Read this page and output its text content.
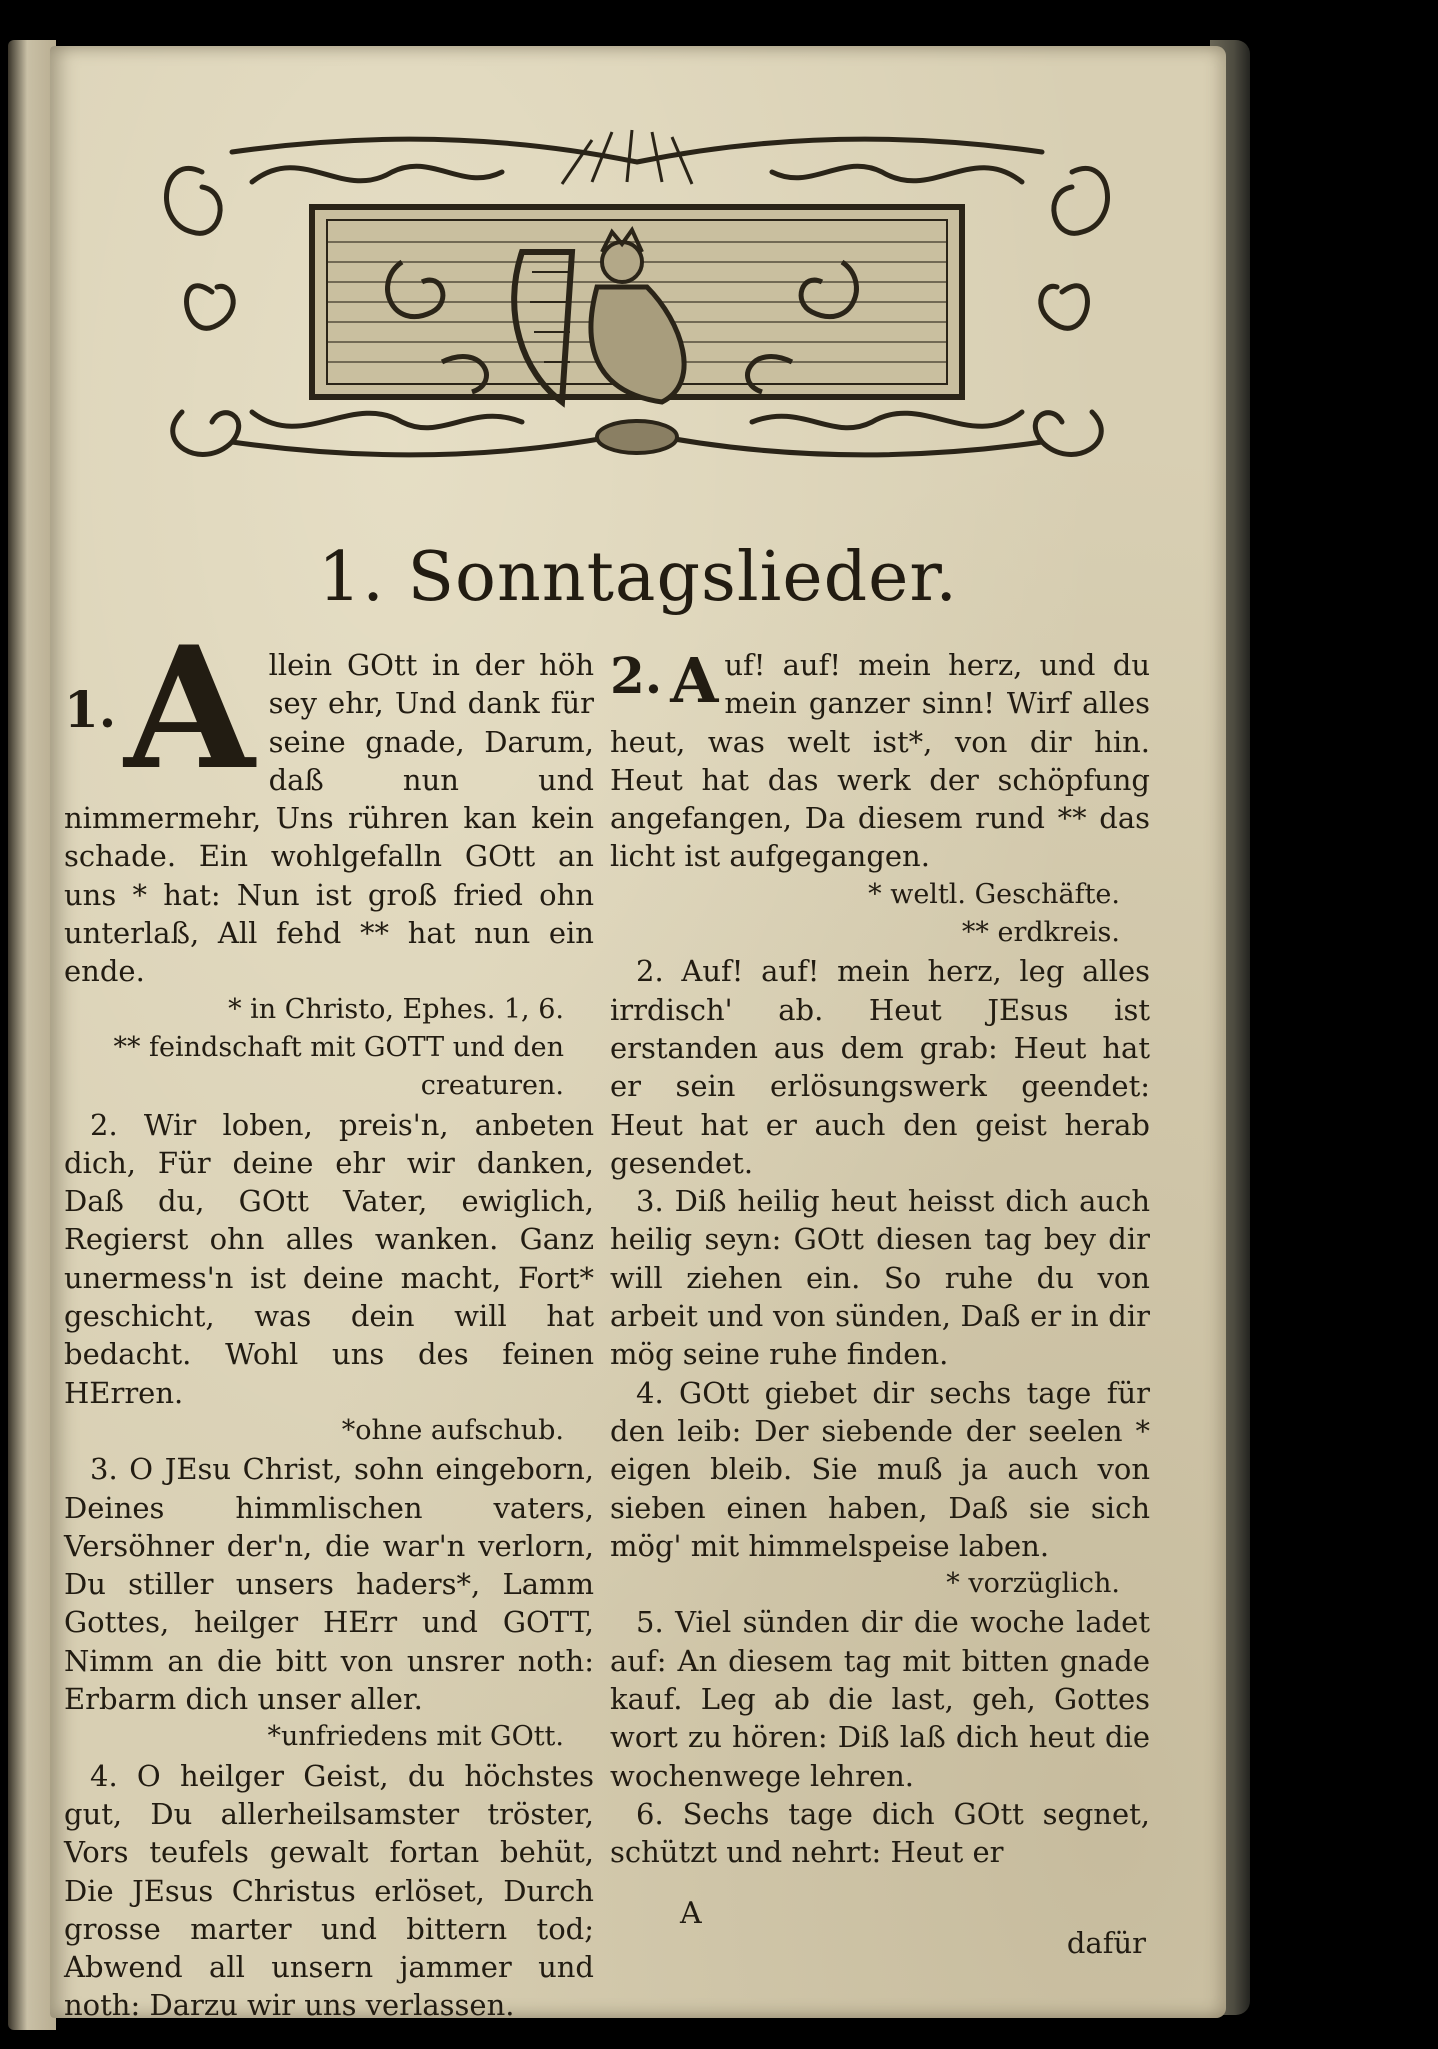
1. Sonntagslieder.
1. A llein GOtt in der höh sey ehr, Und dank für seine gnade, Darum, daß nun und nimmermehr, Uns rühren kan kein schade. Ein wohlgefalln GOtt an uns * hat: Nun ist groß fried ohn unterlaß, All fehd ** hat nun ein ende.
* in Christo, Ephes. 1, 6.
** feindschaft mit GOTT und den creaturen.

2. Wir loben, preis'n, anbeten dich, Für deine ehr wir danken, Daß du, GOtt Vater, ewiglich, Regierst ohn alles wanken. Ganz unermess'n ist deine macht, Fort* geschicht, was dein will hat bedacht. Wohl uns des feinen HErren.

*ohne aufschub.

3. O JEsu Christ, sohn eingeborn, Deines himmlischen vaters, Versöhner der'n, die war'n verlorn, Du stiller unsers haders*, Lamm Gottes, heilger HErr und GOTT, Nimm an die bitt von unsrer noth: Erbarm dich unser aller.

*unfriedens mit GOtt.

4. O heilger Geist, du höchstes gut, Du allerheilsamster tröster, Vors teufels gewalt fortan behüt, Die JEsus Christus erlöset, Durch grosse marter und bittern tod; Abwend all unsern jammer und noth: Darzu wir uns verlassen.

2. A uf! auf! mein herz, und du mein ganzer sinn! Wirf alles heut, was welt ist*, von dir hin. Heut hat das werk der schöpfung angefangen, Da diesem rund ** das licht ist aufgegangen.
* weltl. Geschäfte.
** erdkreis.

2. Auf! auf! mein herz, leg alles irrdisch' ab. Heut JEsus ist erstanden aus dem grab: Heut hat er sein erlösungswerk geendet: Heut hat er auch den geist herab gesendet.

3. Diß heilig heut heisst dich auch heilig seyn: GOtt diesen tag bey dir will ziehen ein. So ruhe du von arbeit und von sünden, Daß er in dir mög seine ruhe finden.

4. GOtt giebet dir sechs tage für den leib: Der siebende der seelen * eigen bleib. Sie muß ja auch von sieben einen haben, Daß sie sich mög' mit himmelspeise laben.

* vorzüglich.

5. Viel sünden dir die woche ladet auf: An diesem tag mit bitten gnade kauf. Leg ab die last, geh, Gottes wort zu hören: Diß laß dich heut die wochenwege lehren.

6. Sechs tage dich GOtt segnet, schützt und nehrt: Heut er

A
dafür
